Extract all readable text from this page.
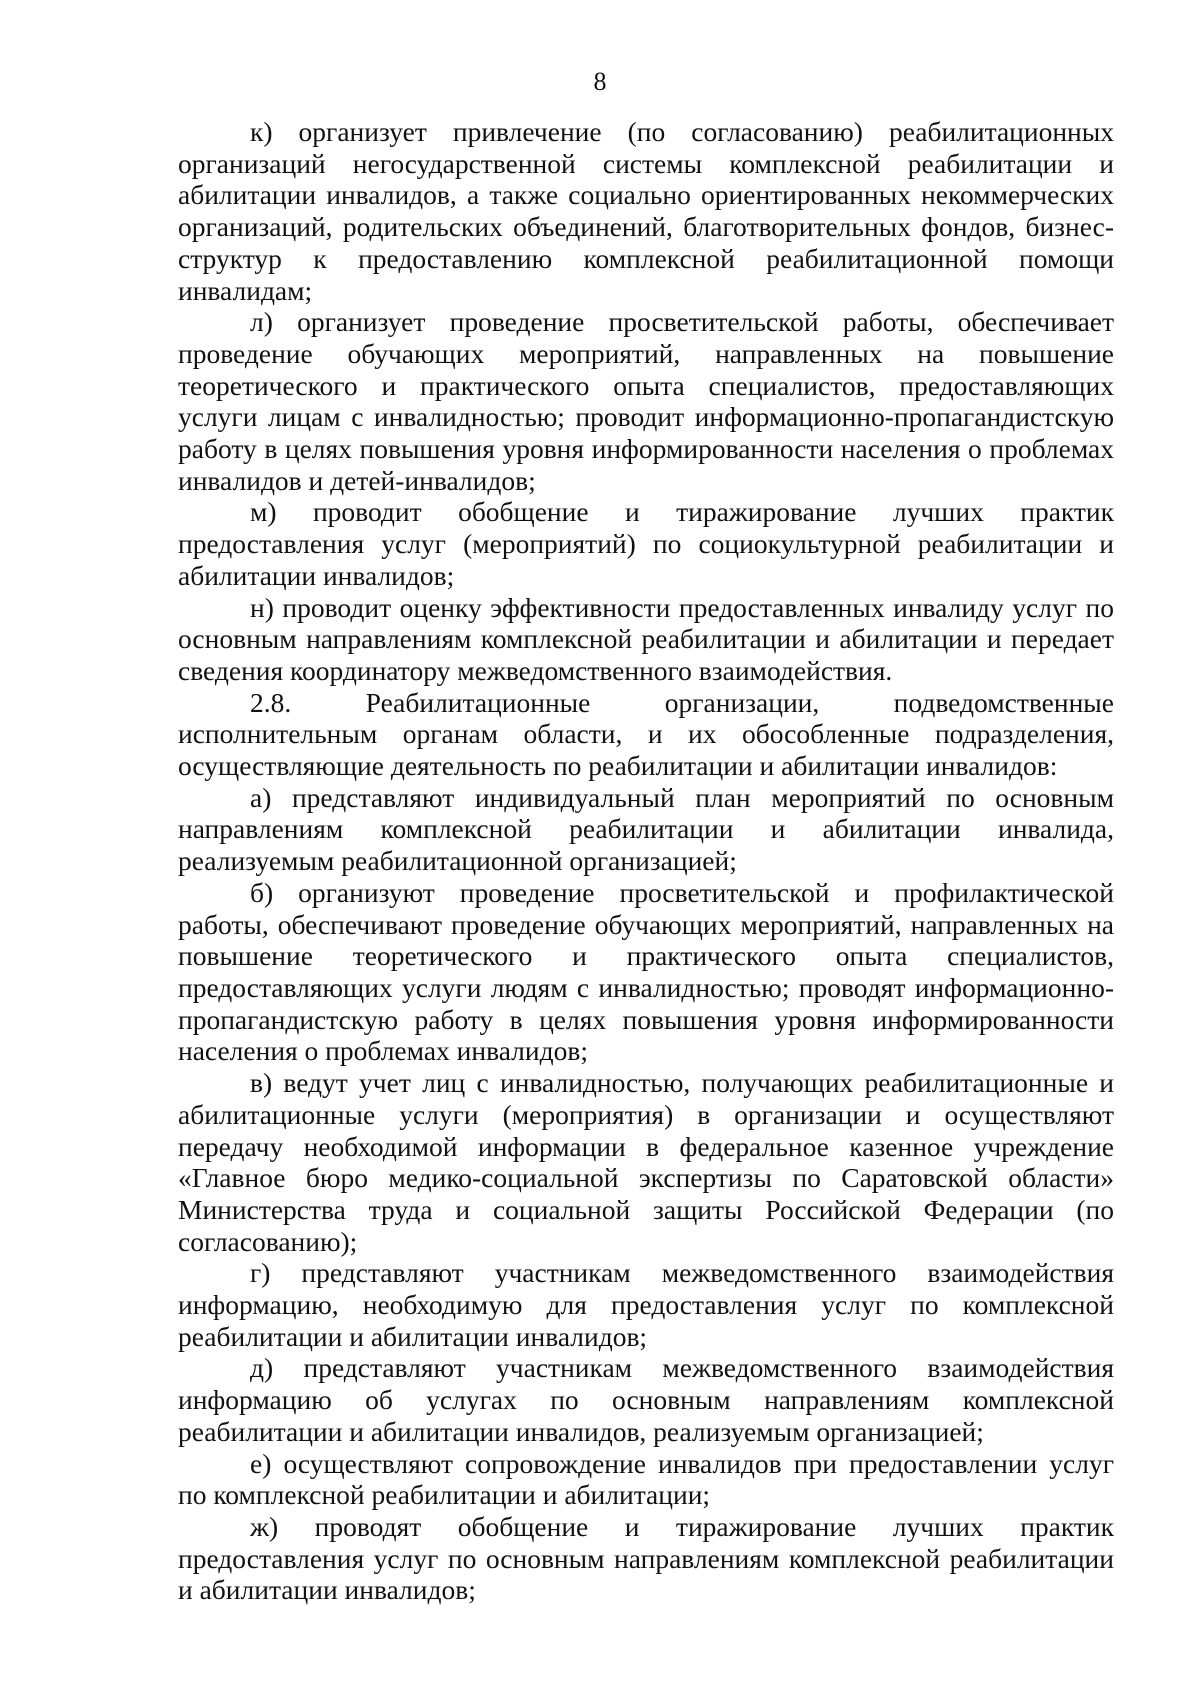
8

к) организует привлечение (по согласованию) реабилитационных организаций негосударственной системы комплексной реабилитации и абилитации инвалидов, а также социально ориентированных некоммерческих организаций, родительских объединений, благотворительных фондов, бизнес-структур к предоставлению комплексной реабилитационной помощи инвалидам;

л) организует проведение просветительской работы, обеспечивает проведение обучающих мероприятий, направленных на повышение теоретического и практического опыта специалистов, предоставляющих услуги лицам с инвалидностью; проводит информационно-пропагандистскую работу в целях повышения уровня информированности населения о проблемах инвалидов и детей-инвалидов;

м) проводит обобщение и тиражирование лучших практик предоставления услуг (мероприятий) по социокультурной реабилитации и абилитации инвалидов;

н) проводит оценку эффективности предоставленных инвалиду услуг по основным направлениям комплексной реабилитации и абилитации и передает сведения координатору межведомственного взаимодействия.

2.8. Реабилитационные организации, подведомственные исполнительным органам области, и их обособленные подразделения, осуществляющие деятельность по реабилитации и абилитации инвалидов:

а) представляют индивидуальный план мероприятий по основным направлениям комплексной реабилитации и абилитации инвалида, реализуемым реабилитационной организацией;

б) организуют проведение просветительской и профилактической работы, обеспечивают проведение обучающих мероприятий, направленных на повышение теоретического и практического опыта специалистов, предоставляющих услуги людям с инвалидностью; проводят информационно-пропагандистскую работу в целях повышения уровня информированности населения о проблемах инвалидов;

в) ведут учет лиц с инвалидностью, получающих реабилитационные и абилитационные услуги (мероприятия) в организации и осуществляют передачу необходимой информации в федеральное казенное учреждение «Главное бюро медико-социальной экспертизы по Саратовской области» Министерства труда и социальной защиты Российской Федерации (по согласованию);

г) представляют участникам межведомственного взаимодействия информацию, необходимую для предоставления услуг по комплексной реабилитации и абилитации инвалидов;

д) представляют участникам межведомственного взаимодействия информацию об услугах по основным направлениям комплексной реабилитации и абилитации инвалидов, реализуемым организацией;

е) осуществляют сопровождение инвалидов при предоставлении услуг по комплексной реабилитации и абилитации;

ж) проводят обобщение и тиражирование лучших практик предоставления услуг по основным направлениям комплексной реабилитации и абилитации инвалидов;
